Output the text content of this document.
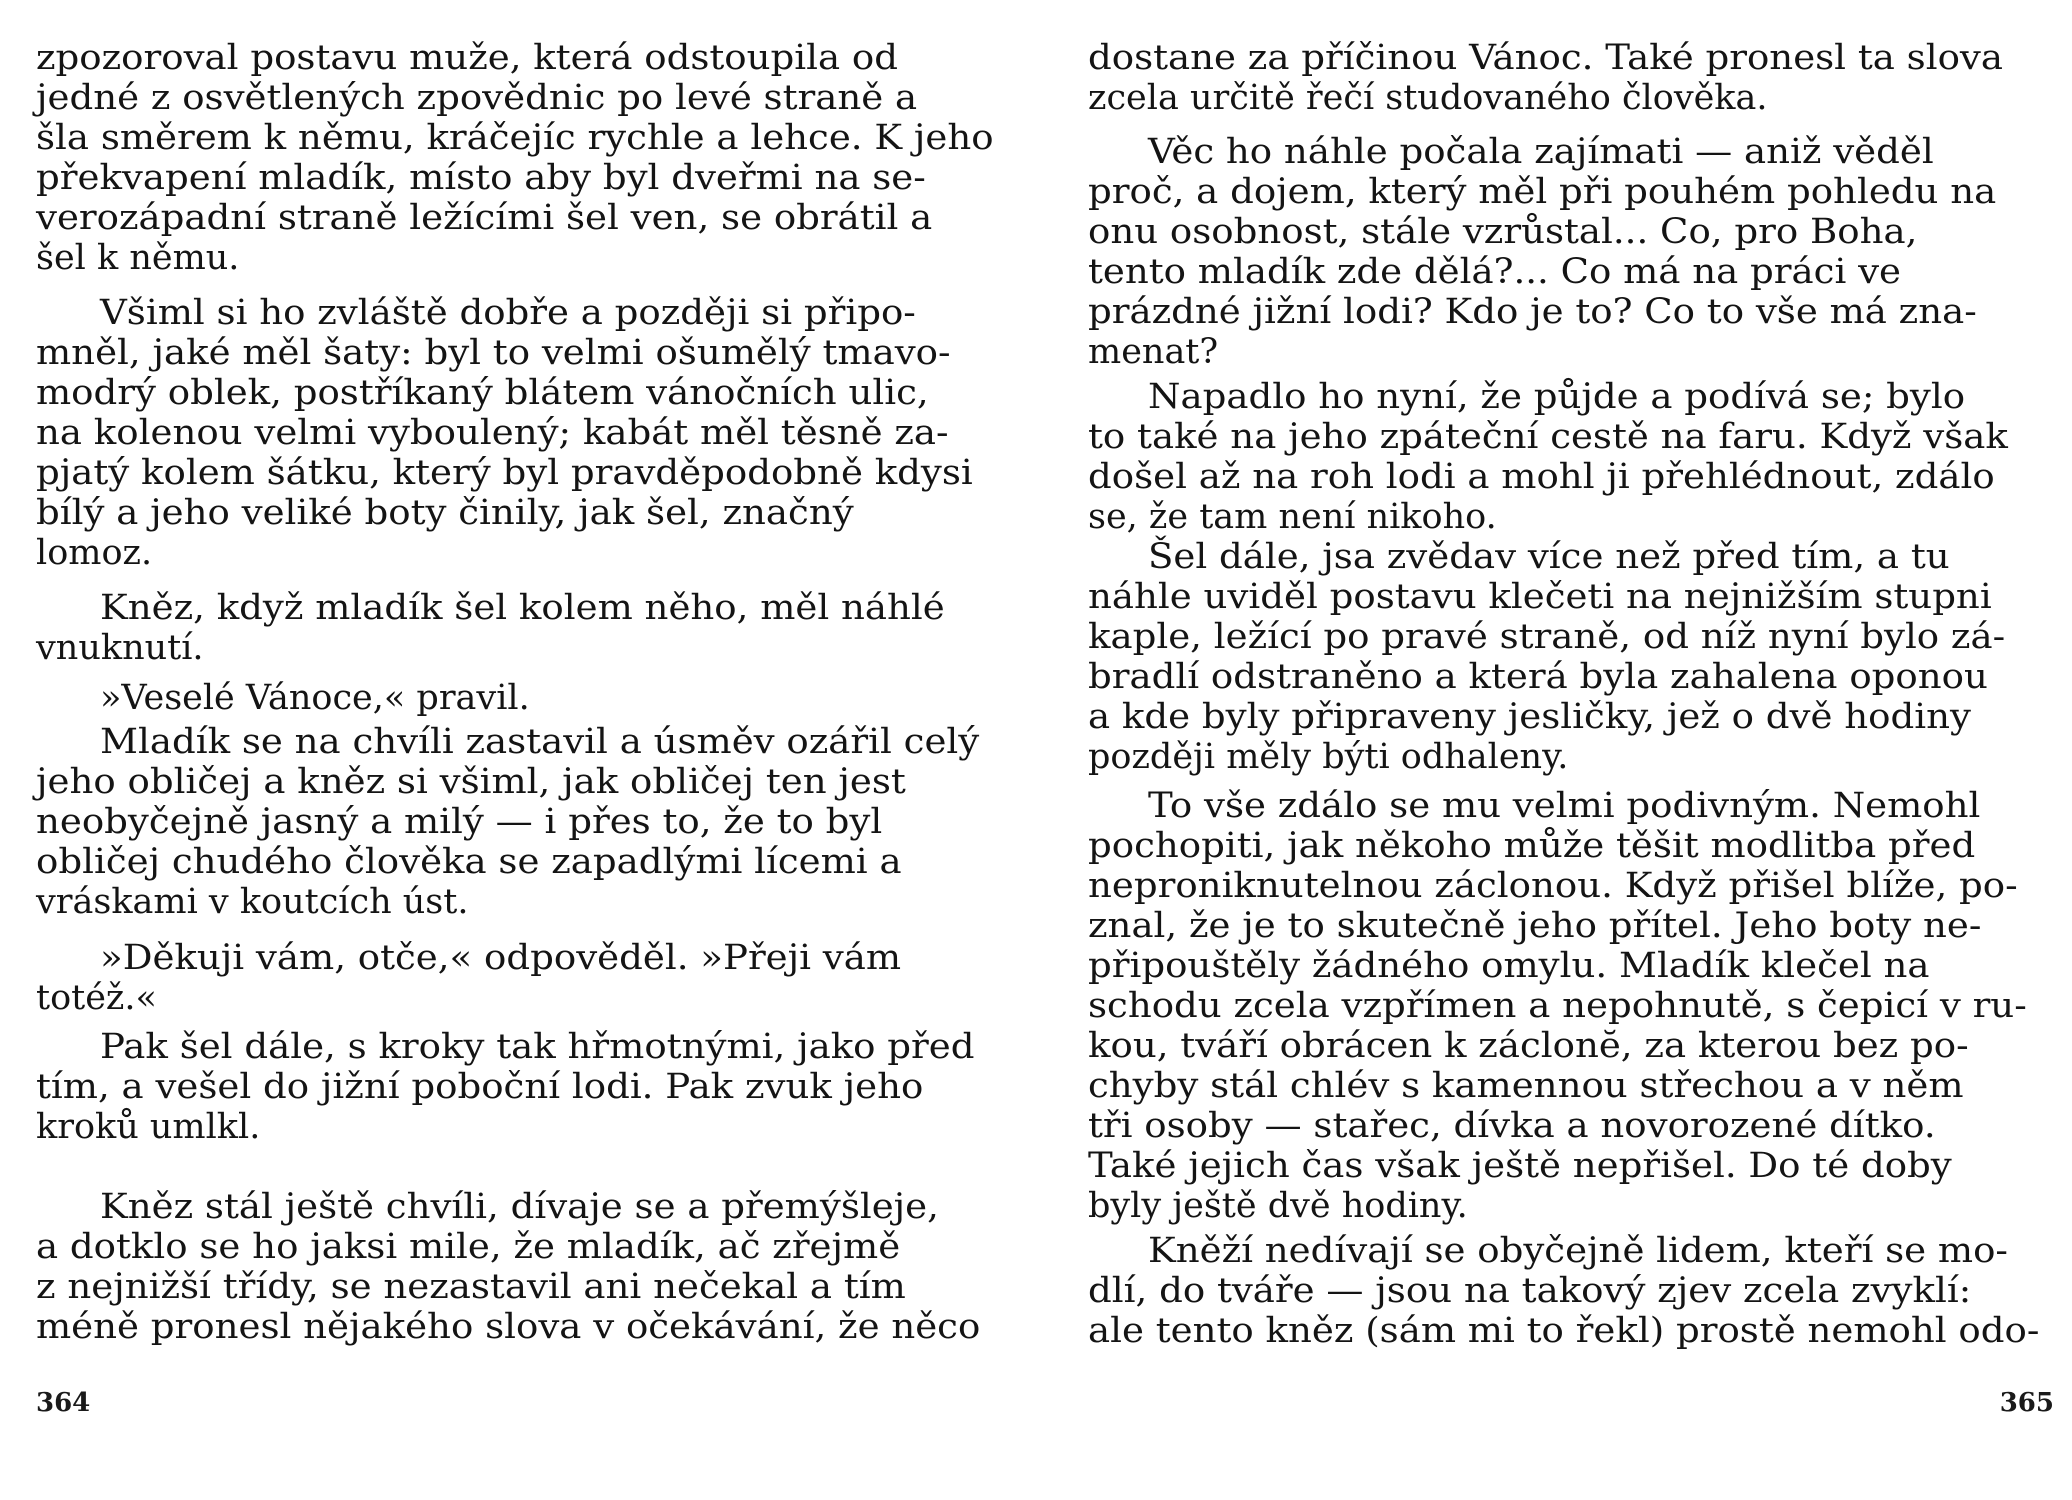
zpozoroval postavu muže, která odstoupila od

jedné z osvětlených zpovědnic po levé straně a

šla směrem k němu, kráčejíc rychle a lehce. K jeho

překvapení mladík, místo aby byl dveřmi na se-

verozápadní straně ležícími šel ven, se obrátil a

šel k němu.

Všiml si ho zvláště dobře a později si připo-

mněl, jaké měl šaty: byl to velmi ošumělý tmavo-

modrý oblek, postříkaný blátem vánočních ulic,

na kolenou velmi vyboulený; kabát měl těsně za-

pjatý kolem šátku, který byl pravděpodobně kdysi

bílý a jeho veliké boty činily, jak šel, značný

lomoz.

Kněz, když mladík šel kolem něho, měl náhlé

vnuknutí.

»Veselé Vánoce,« pravil.

Mladík se na chvíli zastavil a úsměv ozářil celý

jeho obličej a kněz si všiml, jak obličej ten jest

neobyčejně jasný a milý — i přes to, že to byl

obličej chudého člověka se zapadlými lícemi a

vráskami v koutcích úst.

»Děkuji vám, otče,« odpověděl. »Přeji vám

totéž.«

Pak šel dále, s kroky tak hřmotnými, jako před

tím, a vešel do jižní poboční lodi. Pak zvuk jeho

kroků umlkl.

Kněz stál ještě chvíli, dívaje se a přemýšleje,

a dotklo se ho jaksi mile, že mladík, ač zřejmě

z nejnižší třídy, se nezastavil ani nečekal a tím

méně pronesl nějakého slova v očekávání, že něco

364

dostane za příčinou Vánoc. Také pronesl ta slova

zcela určitě řečí studovaného člověka.

Věc ho náhle počala zajímati — aniž věděl

proč, a dojem, který měl při pouhém pohledu na

onu osobnost, stále vzrůstal... Co, pro Boha,

tento mladík zde dělá?... Co má na práci ve

prázdné jižní lodi? Kdo je to? Co to vše má zna-

menat?

Napadlo ho nyní, že půjde a podívá se; bylo

to také na jeho zpáteční cestě na faru. Když však

došel až na roh lodi a mohl ji přehlédnout, zdálo

se, že tam není nikoho.

Šel dále, jsa zvědav více než před tím, a tu

náhle uviděl postavu klečeti na nejnižším stupni

kaple, ležící po pravé straně, od níž nyní bylo zá-

bradlí odstraněno a která byla zahalena oponou

a kde byly připraveny jesličky, jež o dvě hodiny

později měly býti odhaleny.

To vše zdálo se mu velmi podivným. Nemohl

pochopiti, jak někoho může těšit modlitba před

neproniknutelnou záclonou. Když přišel blíže, po-

znal, že je to skutečně jeho přítel. Jeho boty ne-

připouštěly žádného omylu. Mladík klečel na

schodu zcela vzpřímen a nepohnutě, s čepicí v ru-

kou, tváří obrácen k záclonĕ, za kterou bez po-

chyby stál chlév s kamennou střechou a v něm

tři osoby — stařec, dívka a novorozené dítko.

Také jejich čas však ještě nepřišel. Do té doby

byly ještě dvě hodiny.

Kněží nedívají se obyčejně lidem, kteří se mo-

dlí, do tváře — jsou na takový zjev zcela zvyklí:

ale tento kněz (sám mi to řekl) prostě nemohl odo-

365
